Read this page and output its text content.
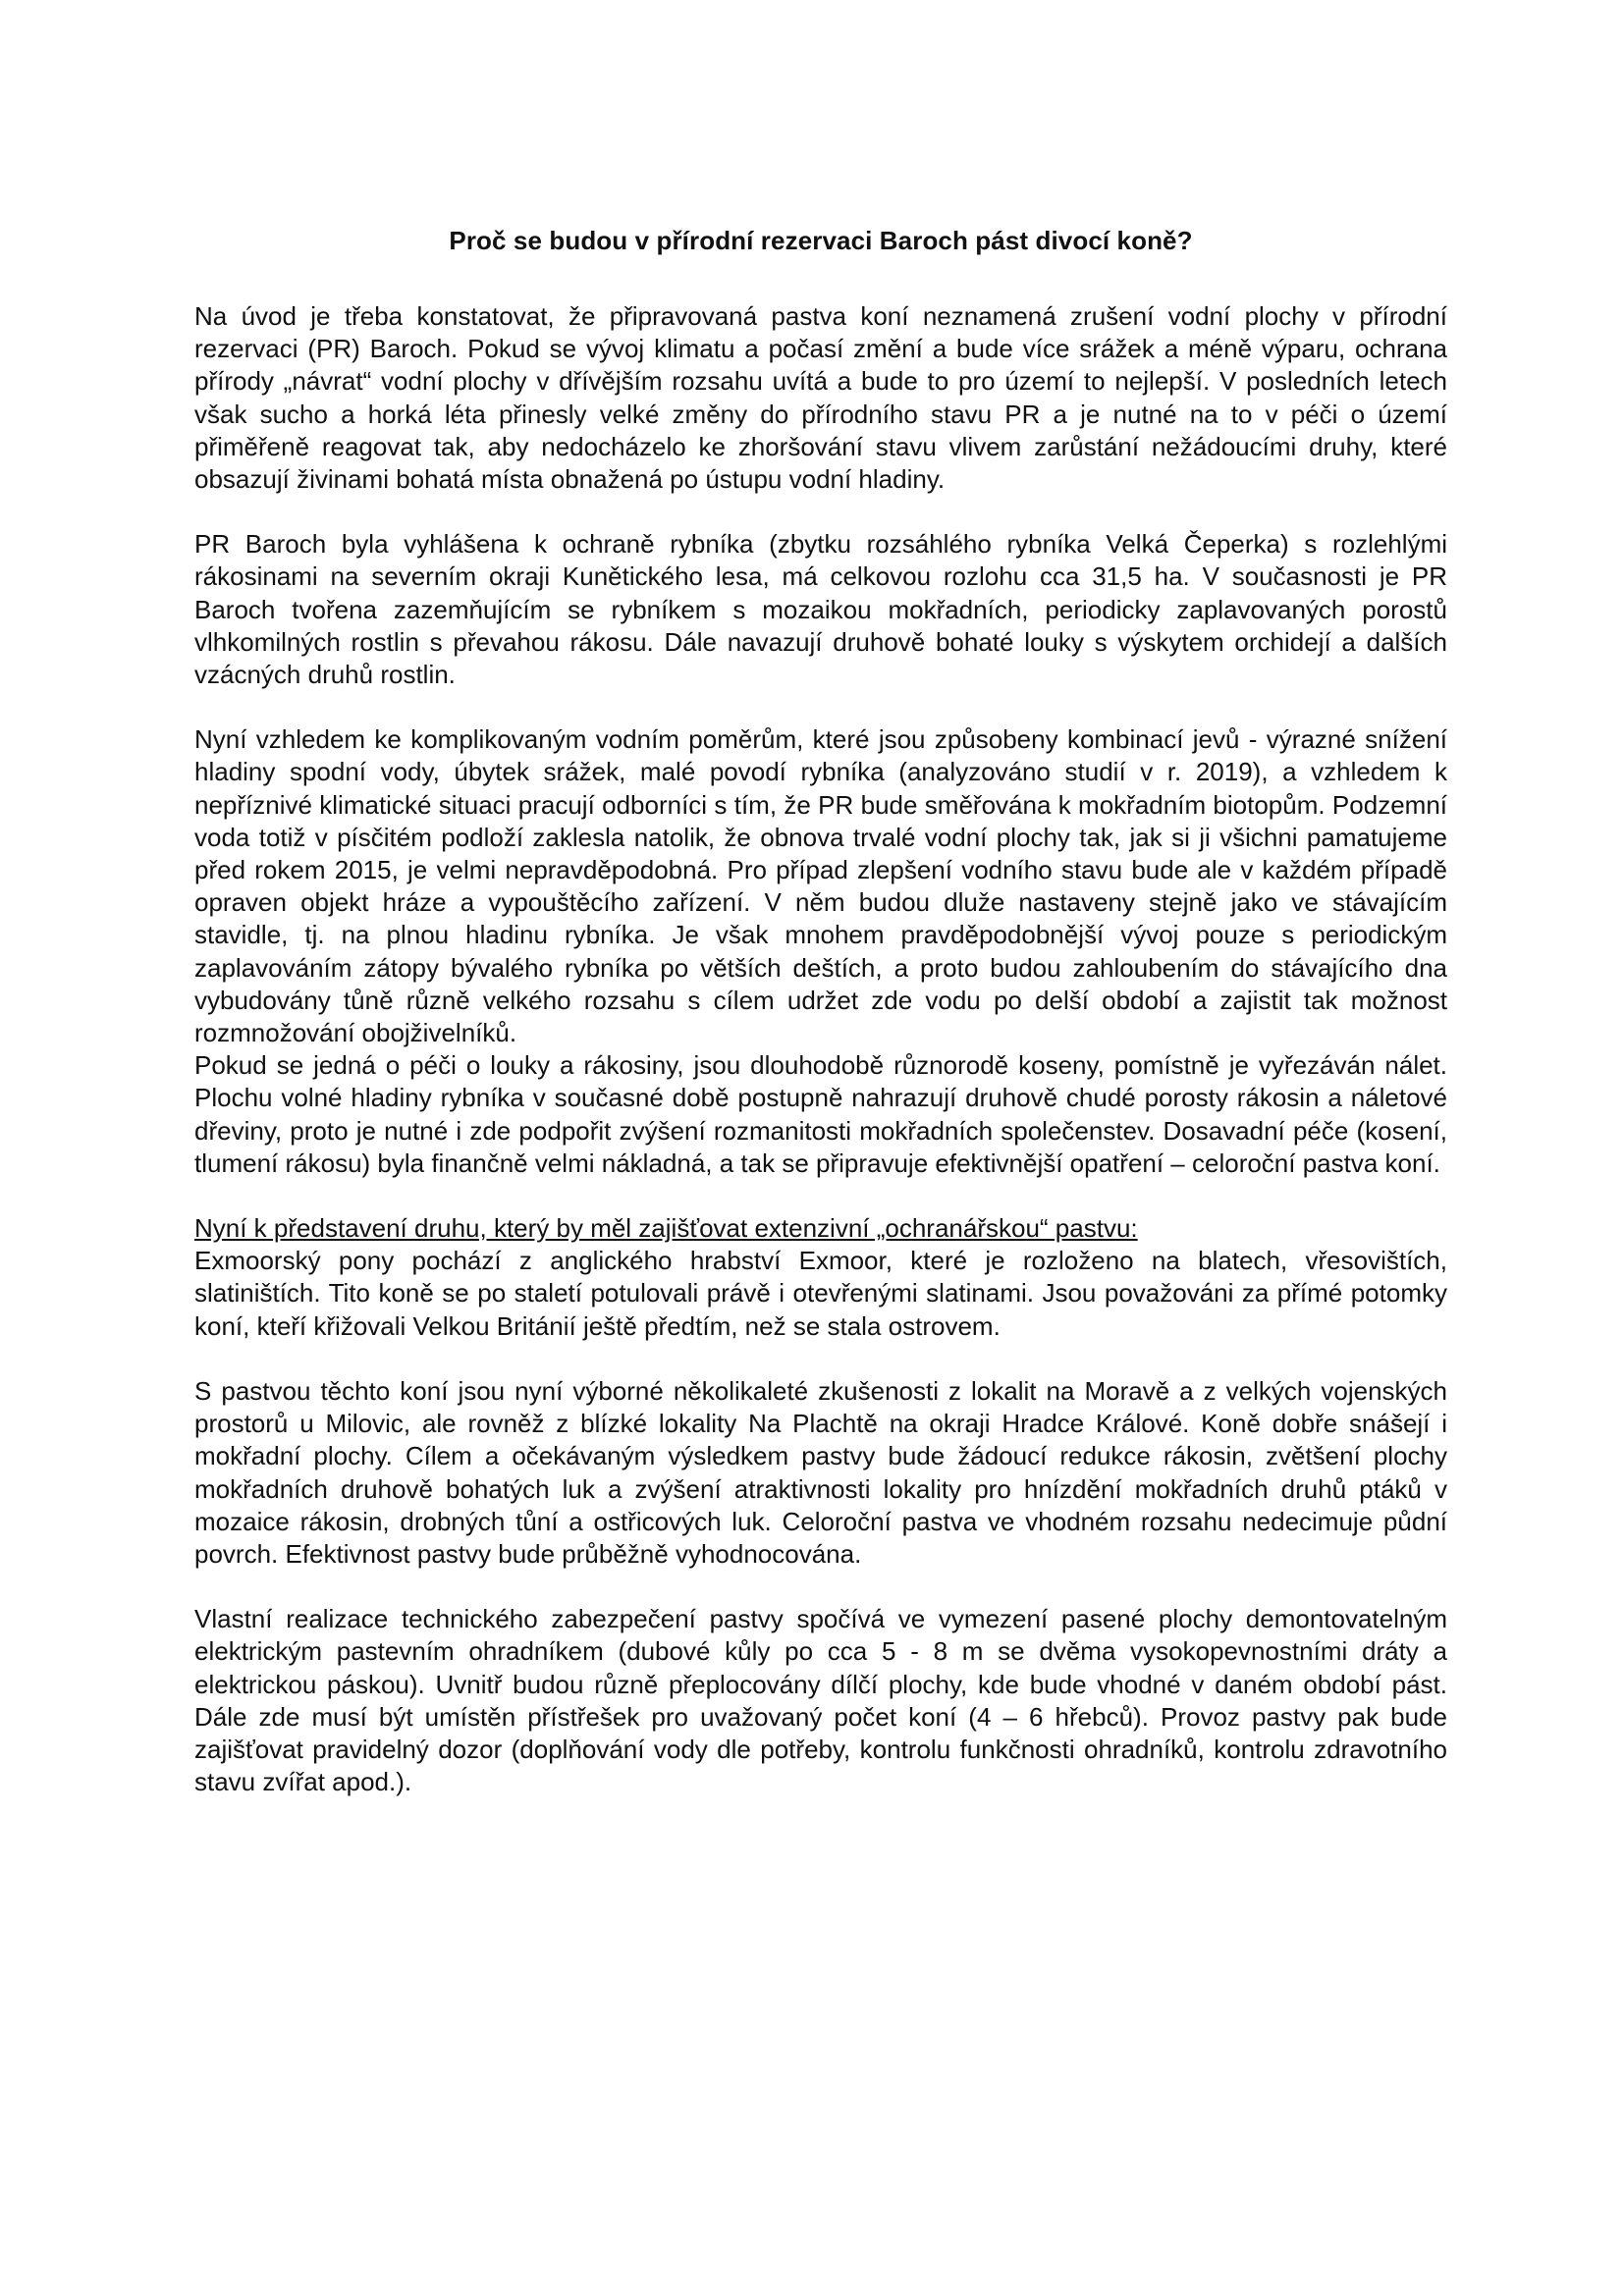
Proč se budou v přírodní rezervaci Baroch pást divocí koně?

Na úvod je třeba konstatovat, že připravovaná pastva koní neznamená zrušení vodní plochy v přírodní rezervaci (PR) Baroch. Pokud se vývoj klimatu a počasí změní a bude více srážek a méně výparu, ochrana přírody „návrat“ vodní plochy v dřívějším rozsahu uvítá a bude to pro území to nejlepší. V posledních letech však sucho a horká léta přinesly velké změny do přírodního stavu PR a je nutné na to v péči o území přiměřeně reagovat tak, aby nedocházelo ke zhoršování stavu vlivem zarůstání nežádoucími druhy, které obsazují živinami bohatá místa obnažená po ústupu vodní hladiny.

PR Baroch byla vyhlášena k ochraně rybníka (zbytku rozsáhlého rybníka Velká Čeperka) s rozlehlými rákosinami na severním okraji Kunětického lesa, má celkovou rozlohu cca 31,5 ha. V současnosti je PR Baroch tvořena zazemňujícím se rybníkem s mozaikou mokřadních, periodicky zaplavovaných porostů vlhkomilných rostlin s převahou rákosu. Dále navazují druhově bohaté louky s výskytem orchidejí a dalších vzácných druhů rostlin.

Nyní vzhledem ke komplikovaným vodním poměrům, které jsou způsobeny kombinací jevů - výrazné snížení hladiny spodní vody, úbytek srážek, malé povodí rybníka (analyzováno studií v r. 2019), a vzhledem k nepříznivé klimatické situaci pracují odborníci s tím, že PR bude směřována k mokřadním biotopům. Podzemní voda totiž v písčitém podloží zaklesla natolik, že obnova trvalé vodní plochy tak, jak si ji všichni pamatujeme před rokem 2015, je velmi nepravděpodobná. Pro případ zlepšení vodního stavu bude ale v každém případě opraven objekt hráze a vypouštěcího zařízení. V něm budou dluže nastaveny stejně jako ve stávajícím stavidle, tj. na plnou hladinu rybníka. Je však mnohem pravděpodobnější vývoj pouze s periodickým zaplavováním zátopy bývalého rybníka po větších deštích, a proto budou zahloubením do stávajícího dna vybudovány tůně různě velkého rozsahu s cílem udržet zde vodu po delší období a zajistit tak možnost rozmnožování obojživelníků.

Pokud se jedná o péči o louky a rákosiny, jsou dlouhodobě různorodě koseny, pomístně je vyřezáván nálet. Plochu volné hladiny rybníka v současné době postupně nahrazují druhově chudé porosty rákosin a náletové dřeviny, proto je nutné i zde podpořit zvýšení rozmanitosti mokřadních společenstev. Dosavadní péče (kosení, tlumení rákosu) byla finančně velmi nákladná, a tak se připravuje efektivnější opatření – celoroční pastva koní.

Nyní k představení druhu, který by měl zajišťovat extenzivní „ochranářskou“ pastvu:

Exmoorský pony pochází z anglického hrabství Exmoor, které je rozloženo na blatech, vřesovištích, slatiništích. Tito koně se po staletí potulovali právě i otevřenými slatinami. Jsou považováni za přímé potomky koní, kteří křižovali Velkou Británií ještě předtím, než se stala ostrovem.

S pastvou těchto koní jsou nyní výborné několikaleté zkušenosti z lokalit na Moravě a z velkých vojenských prostorů u Milovic, ale rovněž z blízké lokality Na Plachtě na okraji Hradce Králové. Koně dobře snášejí i mokřadní plochy. Cílem a očekávaným výsledkem pastvy bude žádoucí redukce rákosin, zvětšení plochy mokřadních druhově bohatých luk a zvýšení atraktivnosti lokality pro hnízdění mokřadních druhů ptáků v mozaice rákosin, drobných tůní a ostřicových luk. Celoroční pastva ve vhodném rozsahu nedecimuje půdní povrch. Efektivnost pastvy bude průběžně vyhodnocována.

Vlastní realizace technického zabezpečení pastvy spočívá ve vymezení pasené plochy demontovatelným elektrickým pastevním ohradníkem (dubové kůly po cca 5 - 8 m se dvěma vysokopevnostními dráty a elektrickou páskou). Uvnitř budou různě přeplocovány dílčí plochy, kde bude vhodné v daném období pást. Dále zde musí být umístěn přístřešek pro uvažovaný počet koní (4 – 6 hřebců). Provoz pastvy pak bude zajišťovat pravidelný dozor (doplňování vody dle potřeby, kontrolu funkčnosti ohradníků, kontrolu zdravotního stavu zvířat apod.).
